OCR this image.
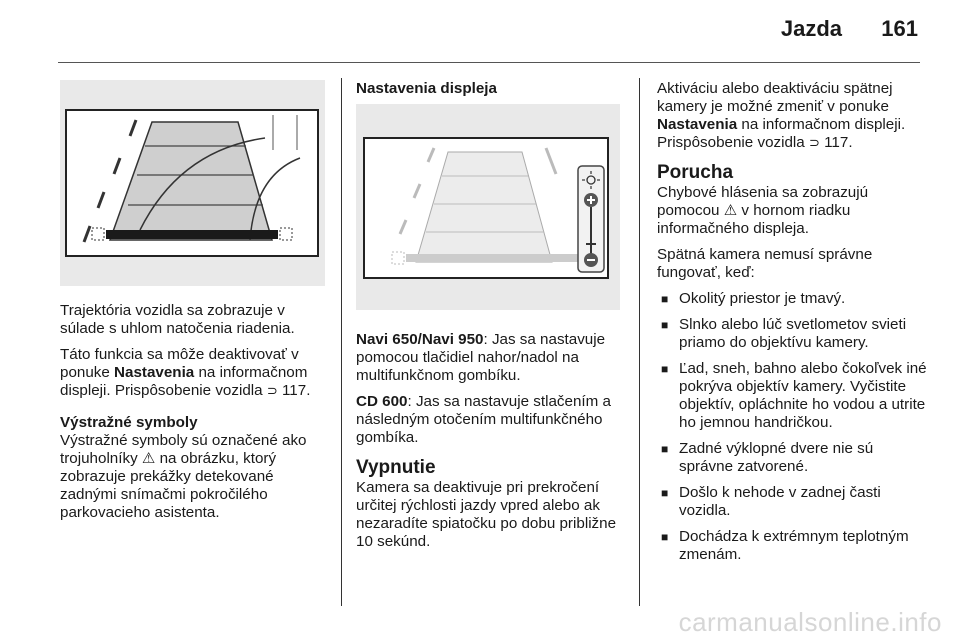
Jazda 161

Trajektória vozidla sa zobrazuje v súlade s uhlom natočenia riadenia.

Táto funkcia sa môže deaktivovať v ponuke Nastavenia na informačnom displeji. Prispôsobenie vozidla ⊃ 117.

Výstražné symboly
Výstražné symboly sú označené ako trojuholníky ⚠ na obrázku, ktorý zobrazuje prekážky detekované zadnými snímačmi pokročilého parkovacieho asistenta.

Nastavenia displeja

Navi 650/Navi 950: Jas sa nastavuje pomocou tlačidiel nahor/nadol na multifunkčnom gombíku.

CD 600: Jas sa nastavuje stlačením a následným otočením multifunkčného gombíka.

Vypnutie

Kamera sa deaktivuje pri prekročení určitej rýchlosti jazdy vpred alebo ak nezaradíte spiatočku po dobu približne 10 sekúnd.

Aktiváciu alebo deaktiváciu spätnej kamery je možné zmeniť v ponuke Nastavenia na informačnom displeji. Prispôsobenie vozidla ⊃ 117.

Porucha

Chybové hlásenia sa zobrazujú pomocou ⚠ v hornom riadku informačného displeja.

Spätná kamera nemusí správne fungovať, keď:

■ Okolitý priestor je tmavý.
■ Slnko alebo lúč svetlometov svieti priamo do objektívu kamery.
■ Ľad, sneh, bahno alebo čokoľvek iné pokrýva objektív kamery. Vyčistite objektív, opláchnite ho vodou a utrite ho jemnou handričkou.
■ Zadné výklopné dvere nie sú správne zatvorené.
■ Došlo k nehode v zadnej časti vozidla.
■ Dochádza k extrémnym teplotným zmenám.
carmanualsonline.info
